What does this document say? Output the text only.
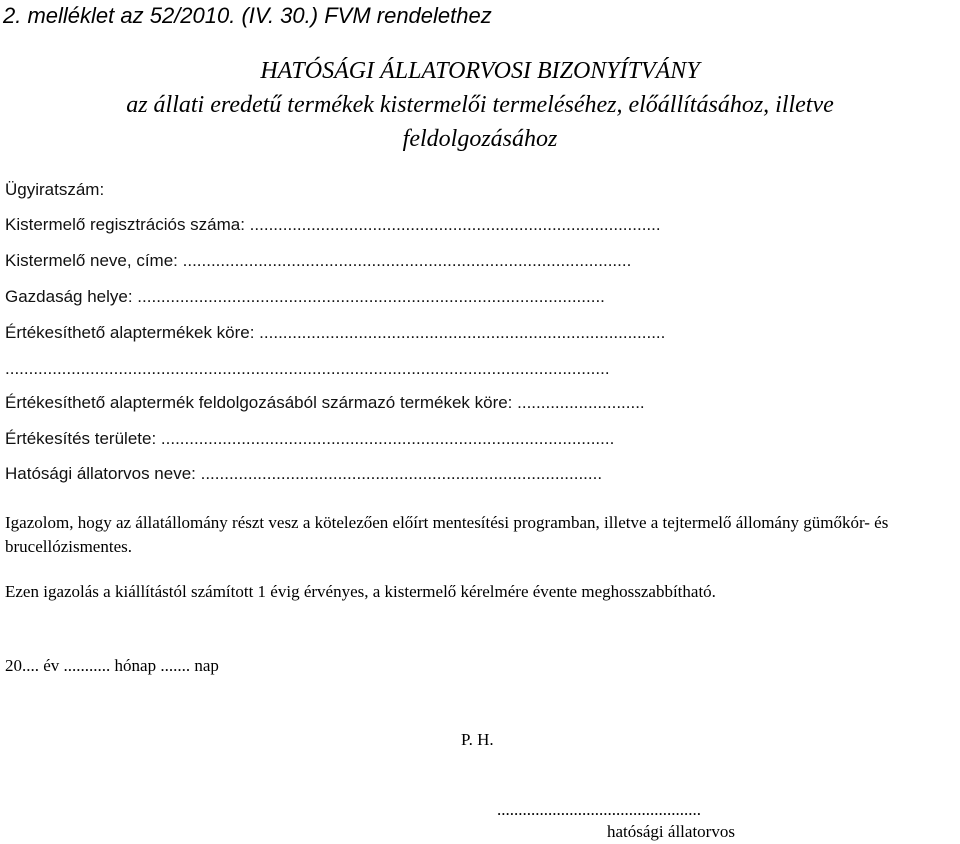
2. melléklet az 52/2010. (IV. 30.) FVM rendelethez
HATÓSÁGI ÁLLATORVOSI BIZONYÍTVÁNY
az állati eredetű termékek kistermelői termeléséhez, előállításához, illetve
feldolgozásához
Ügyiratszám:
Kistermelő regisztrációs száma: .......................................................................................
Kistermelő neve, címe: ...............................................................................................
Gazdaság helye: ...................................................................................................
Értékesíthető alaptermékek köre: ......................................................................................
................................................................................................................................
Értékesíthető alaptermék feldolgozásából származó termékek köre: ...........................
Értékesítés területe: ................................................................................................
Hatósági állatorvos neve: .....................................................................................
Igazolom, hogy az állatállomány részt vesz a kötelezően előírt mentesítési programban, illetve a tejtermelő állomány gümőkór- és brucellózismentes.
Ezen igazolás a kiállítástól számított 1 évig érvényes, a kistermelő kérelmére évente meghosszabbítható.
20.... év ........... hónap ....... nap
P. H.
................................................
hatósági állatorvos
